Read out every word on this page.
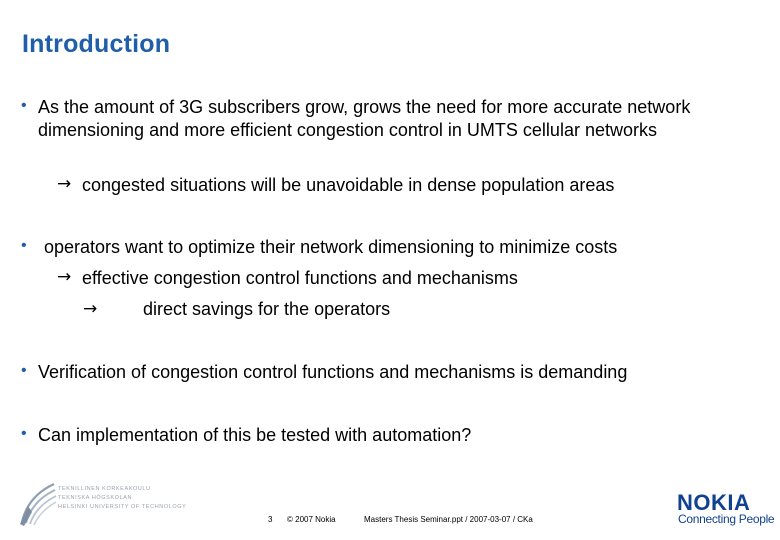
Introduction
• As the amount of 3G subscribers grow, grows the need for more accurate network dimensioning and more efficient congestion control in UMTS cellular networks
→ congested situations will be unavoidable in dense population areas
• operators want to optimize their network dimensioning to minimize costs
→ effective congestion control functions and mechanisms
→	direct savings for the operators
• Verification of congestion control functions and mechanisms is demanding
• Can implementation of this be tested with automation?
TEKNILLINEN KORKEAKOULU
TEKNISKA HÖGSKOLAN
HELSINKI UNIVERSITY OF TECHNOLOGY
3 © 2007 Nokia	Masters Thesis Seminar.ppt / 2007-03-07 / CKa
NOKIA
Connecting People
